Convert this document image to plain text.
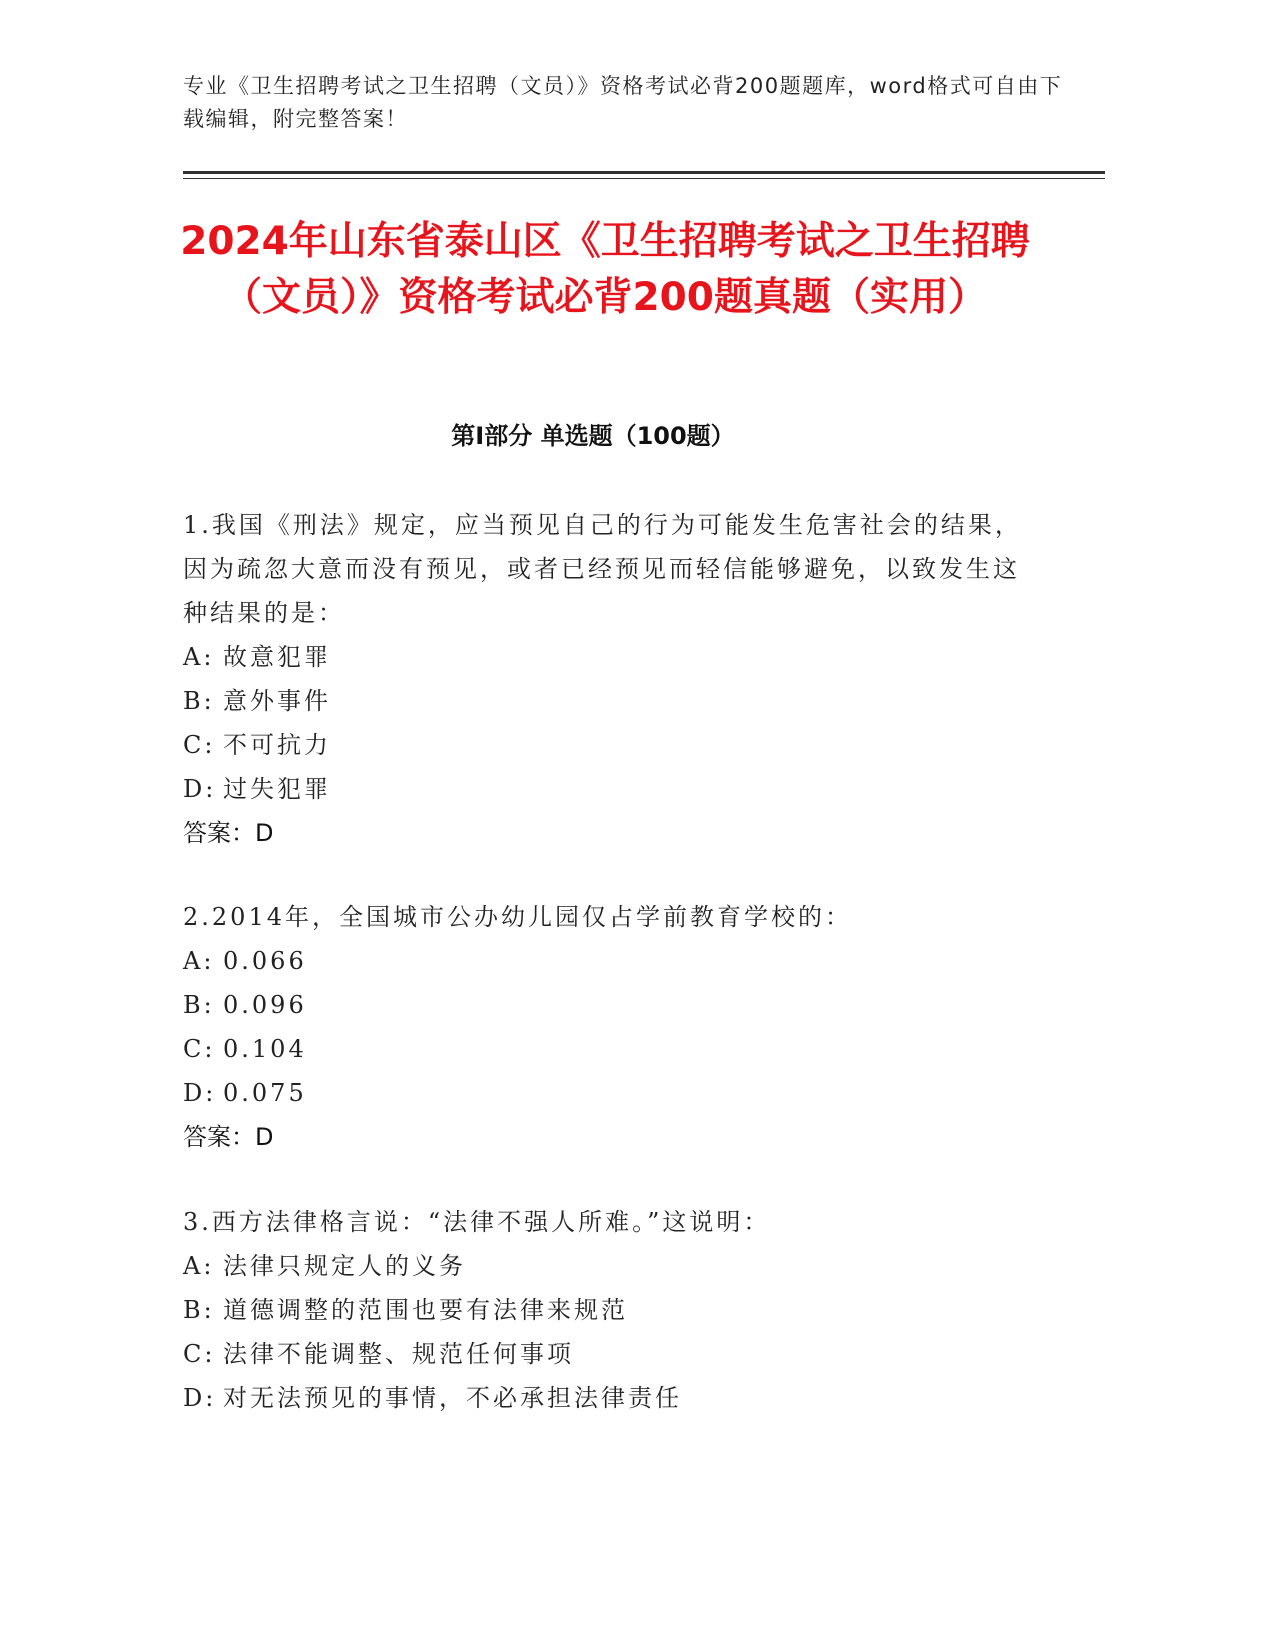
专业《卫生招聘考试之卫生招聘（文员）》资格考试必背200题题库，word格式可自由下载编辑，附完整答案！
2024年山东省泰山区《卫生招聘考试之卫生招聘（文员）》资格考试必背200题真题（实用）
第I部分 单选题（100题）

1.我国《刑法》规定，应当预见自己的行为可能发生危害社会的结果，因为疏忽大意而没有预见，或者已经预见而轻信能够避免，以致发生这种结果的是：

A: 故意犯罪
B: 意外事件
C: 不可抗力
D: 过失犯罪

答案：D

2.2014年，全国城市公办幼儿园仅占学前教育学校的：

A: 0.066
B: 0.096
C: 0.104
D: 0.075

答案：D

3.西方法律格言说：“法律不强人所难。”这说明：

A: 法律只规定人的义务
B: 道德调整的范围也要有法律来规范
C: 法律不能调整、规范任何事项
D: 对无法预见的事情，不必承担法律责任
